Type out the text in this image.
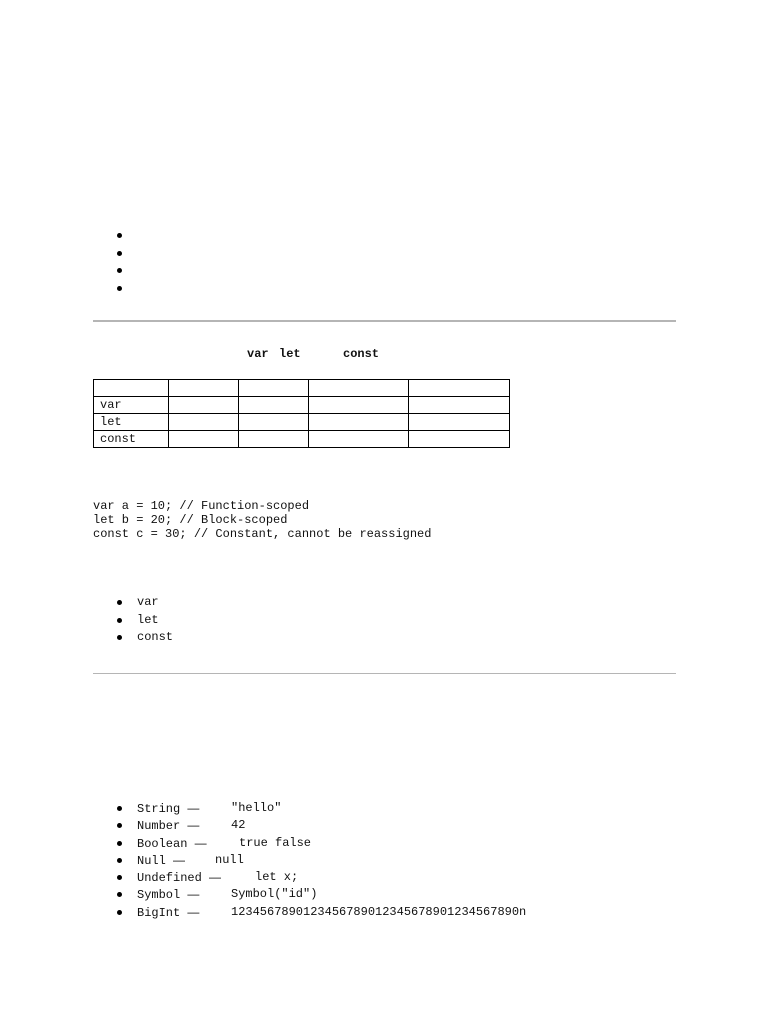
var let	const

var				
let				
const				
var a = 10; // Function-scoped
let b = 20; // Block-scoped
const c = 30; // Constant, cannot be reassigned
var
let
const
String —	"hello"
Number —	42
Boolean —	true false
Null — null
Undefined —	let x;
Symbol —	Symbol("id")
BigInt —	1234567890123456789012345678901234567890n
